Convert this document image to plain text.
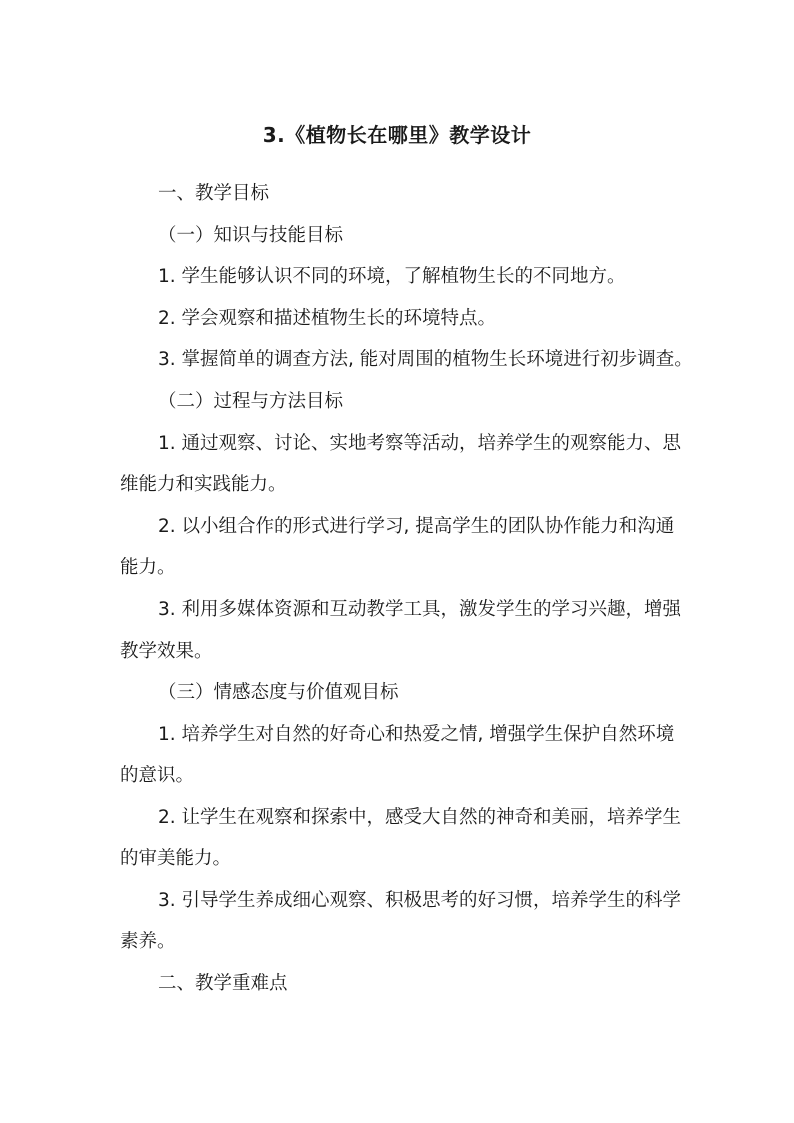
3.《植物长在哪里》教学设计
一、教学目标
（一）知识与技能目标
1. 学生能够认识不同的环境，了解植物生长的不同地方。
2. 学会观察和描述植物生长的环境特点。
3. 掌握简单的调查方法, 能对周围的植物生长环境进行初步调查。
（二）过程与方法目标
1. 通过观察、讨论、实地考察等活动，培养学生的观察能力、思
维能力和实践能力。
2. 以小组合作的形式进行学习, 提高学生的团队协作能力和沟通
能力。
3. 利用多媒体资源和互动教学工具，激发学生的学习兴趣，增强
教学效果。
（三）情感态度与价值观目标
1. 培养学生对自然的好奇心和热爱之情, 增强学生保护自然环境
的意识。
2. 让学生在观察和探索中，感受大自然的神奇和美丽，培养学生
的审美能力。
3. 引导学生养成细心观察、积极思考的好习惯，培养学生的科学
素养。
二、教学重难点
